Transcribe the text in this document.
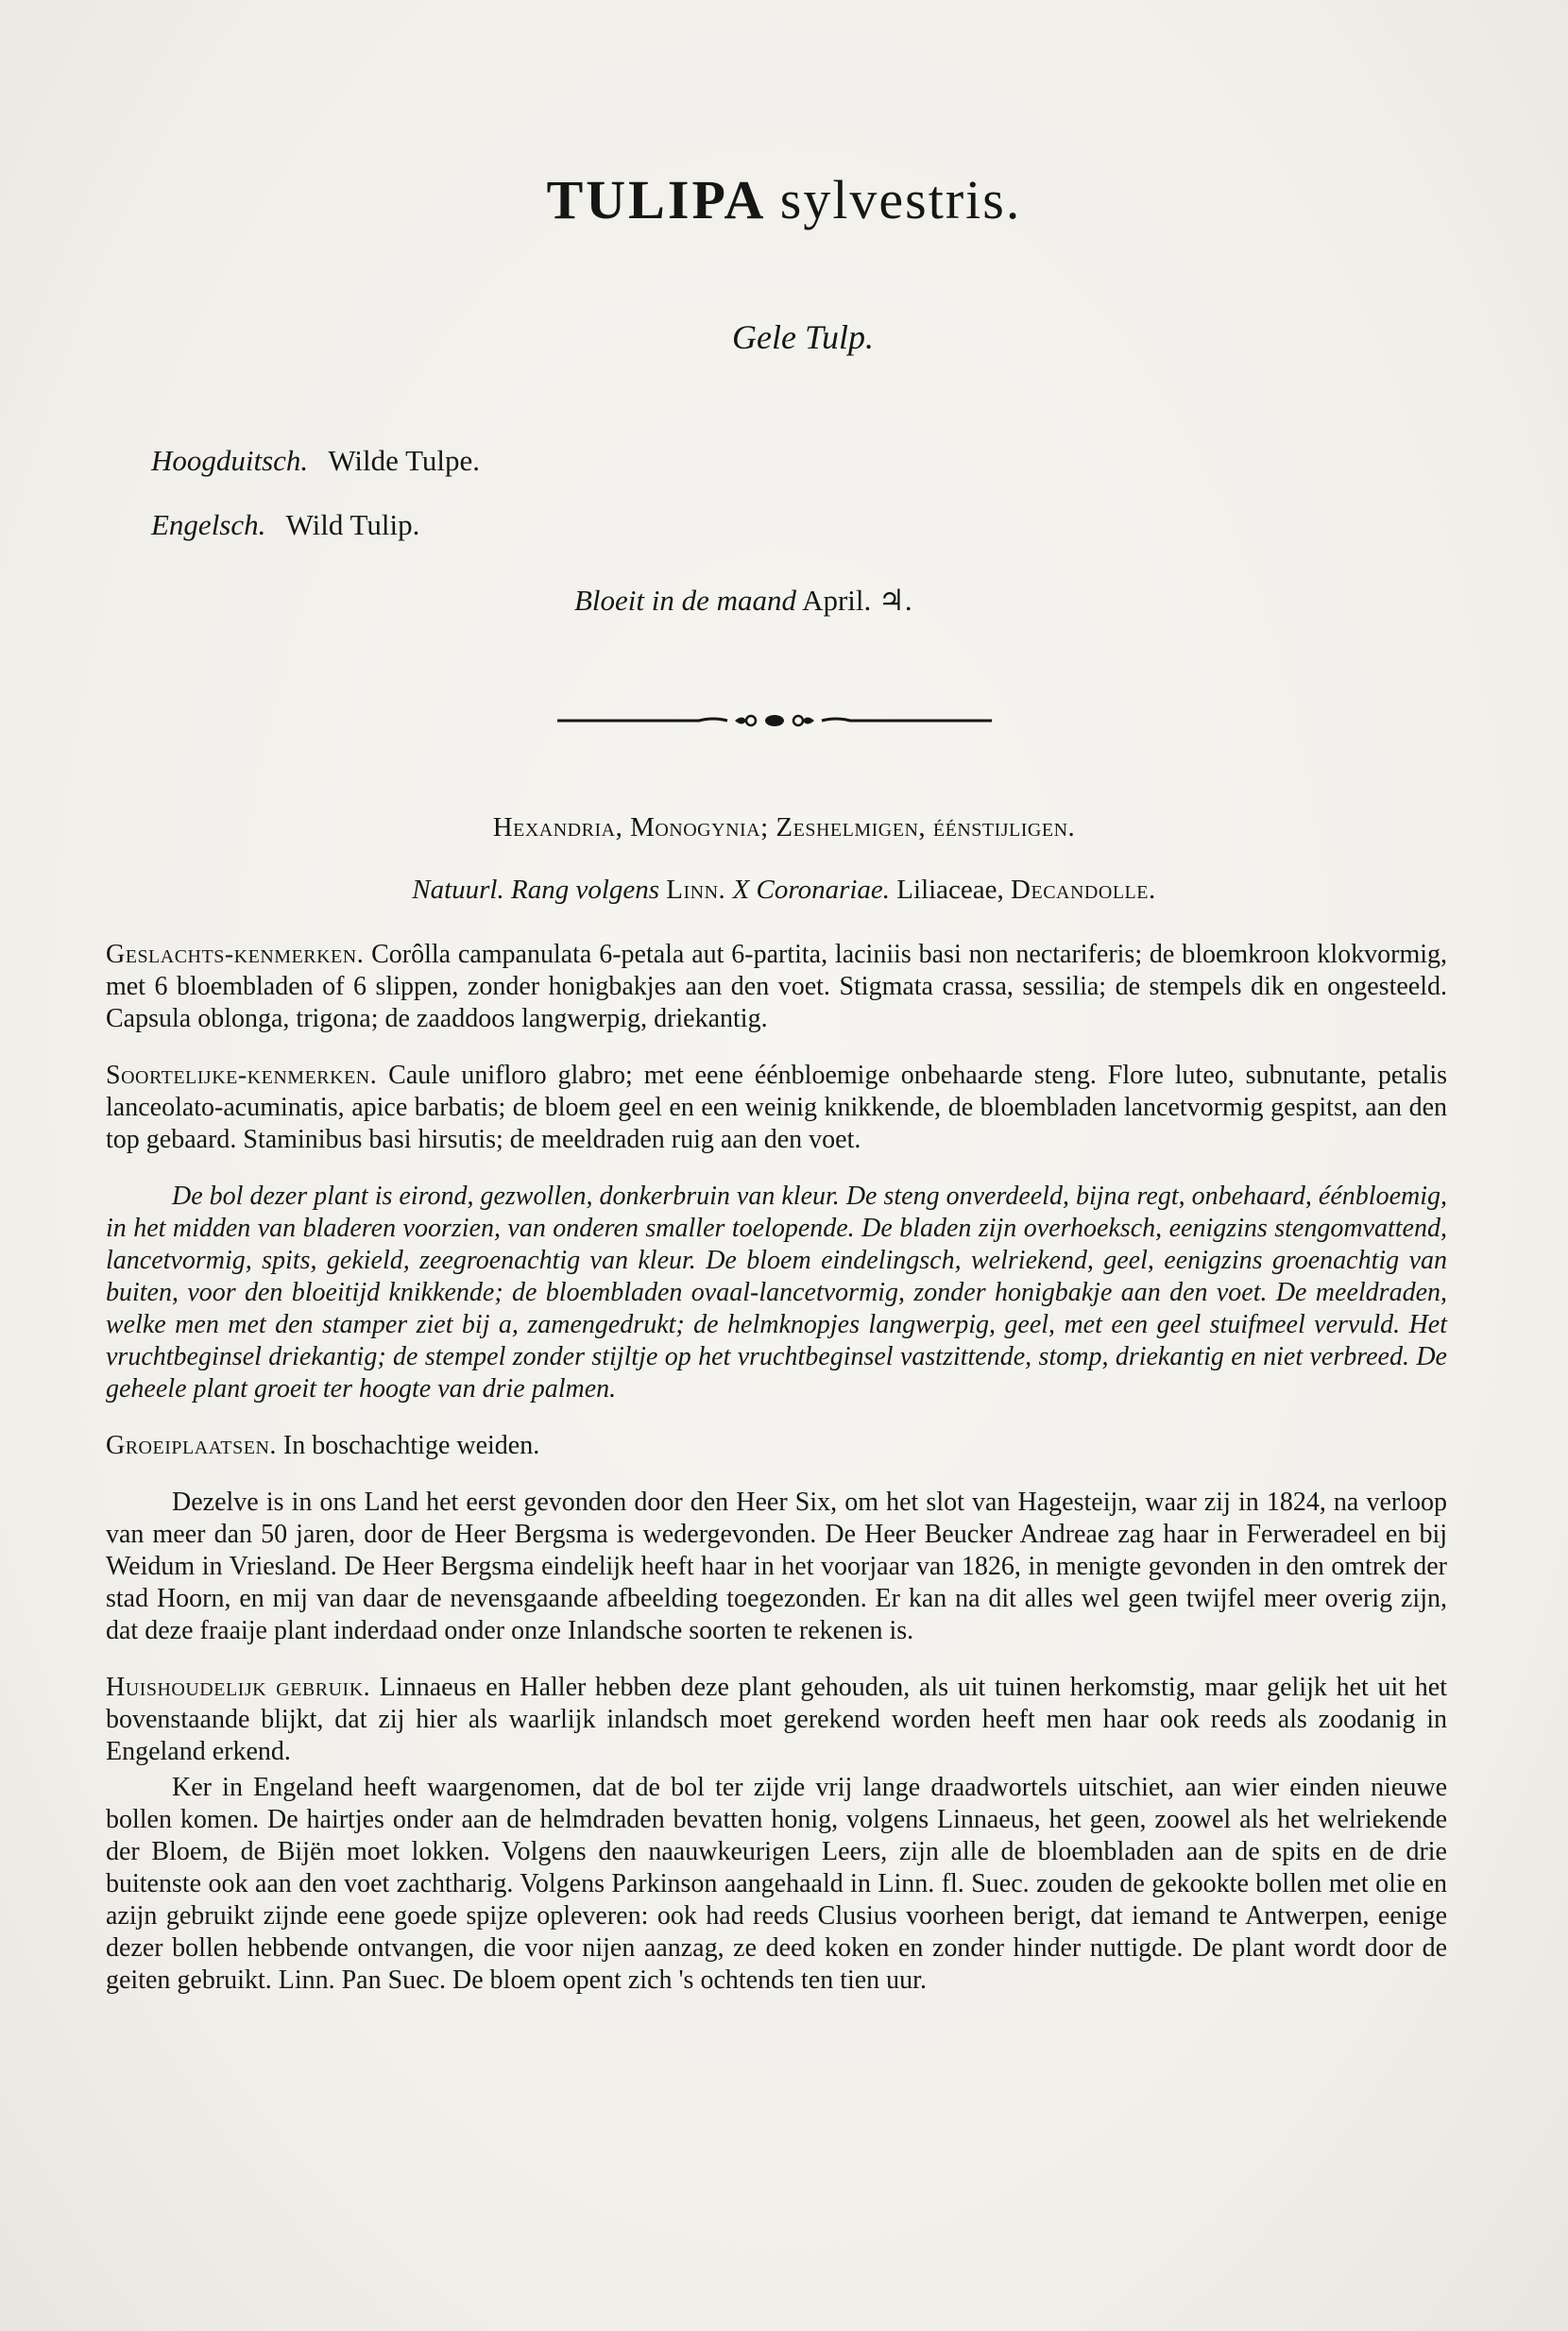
TULIPA sylvestris.
Gele Tulp.
Hoogduitsch. Wilde Tulpe.
Engelsch. Wild Tulip.
Bloeit in de maand April. ♃.
Hexandria, Monogynia; Zeshelmigen, éénstijligen.
Natuurl. Rang volgens Linn. X Coronariae. Liliaceae, Decandolle.

Geslachts-kenmerken. Corôlla campanulata 6-petala aut 6-partita, laciniis basi non nectariferis; de bloemkroon klokvormig, met 6 bloembladen of 6 slippen, zonder honigbakjes aan den voet. Stigmata crassa, sessilia; de stempels dik en ongesteeld. Capsula oblonga, trigona; de zaaddoos langwerpig, driekantig.

Soortelijke-kenmerken. Caule unifloro glabro; met eene éénbloemige onbehaarde steng. Flore luteo, subnutante, petalis lanceolato-acuminatis, apice barbatis; de bloem geel en een weinig knikkende, de bloembladen lancetvormig gespitst, aan den top gebaard. Staminibus basi hirsutis; de meeldraden ruig aan den voet.

De bol dezer plant is eirond, gezwollen, donkerbruin van kleur. De steng onverdeeld, bijna regt, onbehaard, éénbloemig, in het midden van bladeren voorzien, van onderen smaller toelopende. De bladen zijn overhoeksch, eenigzins stengomvattend, lancetvormig, spits, gekield, zeegroenachtig van kleur. De bloem eindelingsch, welriekend, geel, eenigzins groenachtig van buiten, voor den bloeitijd knikkende; de bloembladen ovaal-lancetvormig, zonder honigbakje aan den voet. De meeldraden, welke men met den stamper ziet bij a, zamengedrukt; de helmknopjes langwerpig, geel, met een geel stuifmeel vervuld. Het vruchtbeginsel driekantig; de stempel zonder stijltje op het vruchtbeginsel vastzittende, stomp, driekantig en niet verbreed. De geheele plant groeit ter hoogte van drie palmen.

Groeiplaatsen. In boschachtige weiden.

Dezelve is in ons Land het eerst gevonden door den Heer Six, om het slot van Hagesteijn, waar zij in 1824, na verloop van meer dan 50 jaren, door de Heer Bergsma is wedergevonden. De Heer Beucker Andreae zag haar in Ferweradeel en bij Weidum in Vriesland. De Heer Bergsma eindelijk heeft haar in het voorjaar van 1826, in menigte gevonden in den omtrek der stad Hoorn, en mij van daar de nevensgaande afbeelding toegezonden. Er kan na dit alles wel geen twijfel meer overig zijn, dat deze fraaije plant inderdaad onder onze Inlandsche soorten te rekenen is.

Huishoudelijk gebruik. Linnaeus en Haller hebben deze plant gehouden, als uit tuinen herkomstig, maar gelijk het uit het bovenstaande blijkt, dat zij hier als waarlijk inlandsch moet gerekend worden heeft men haar ook reeds als zoodanig in Engeland erkend.

Ker in Engeland heeft waargenomen, dat de bol ter zijde vrij lange draadwortels uitschiet, aan wier einden nieuwe bollen komen. De hairtjes onder aan de helmdraden bevatten honig, volgens Linnaeus, het geen, zoowel als het welriekende der Bloem, de Bijën moet lokken. Volgens den naauwkeurigen Leers, zijn alle de bloembladen aan de spits en de drie buitenste ook aan den voet zachtharig. Volgens Parkinson aangehaald in Linn. fl. Suec. zouden de gekookte bollen met olie en azijn gebruikt zijnde eene goede spijze opleveren: ook had reeds Clusius voorheen berigt, dat iemand te Antwerpen, eenige dezer bollen hebbende ontvangen, die voor nijen aanzag, ze deed koken en zonder hinder nuttigde. De plant wordt door de geiten gebruikt. Linn. Pan Suec. De bloem opent zich 's ochtends ten tien uur.
